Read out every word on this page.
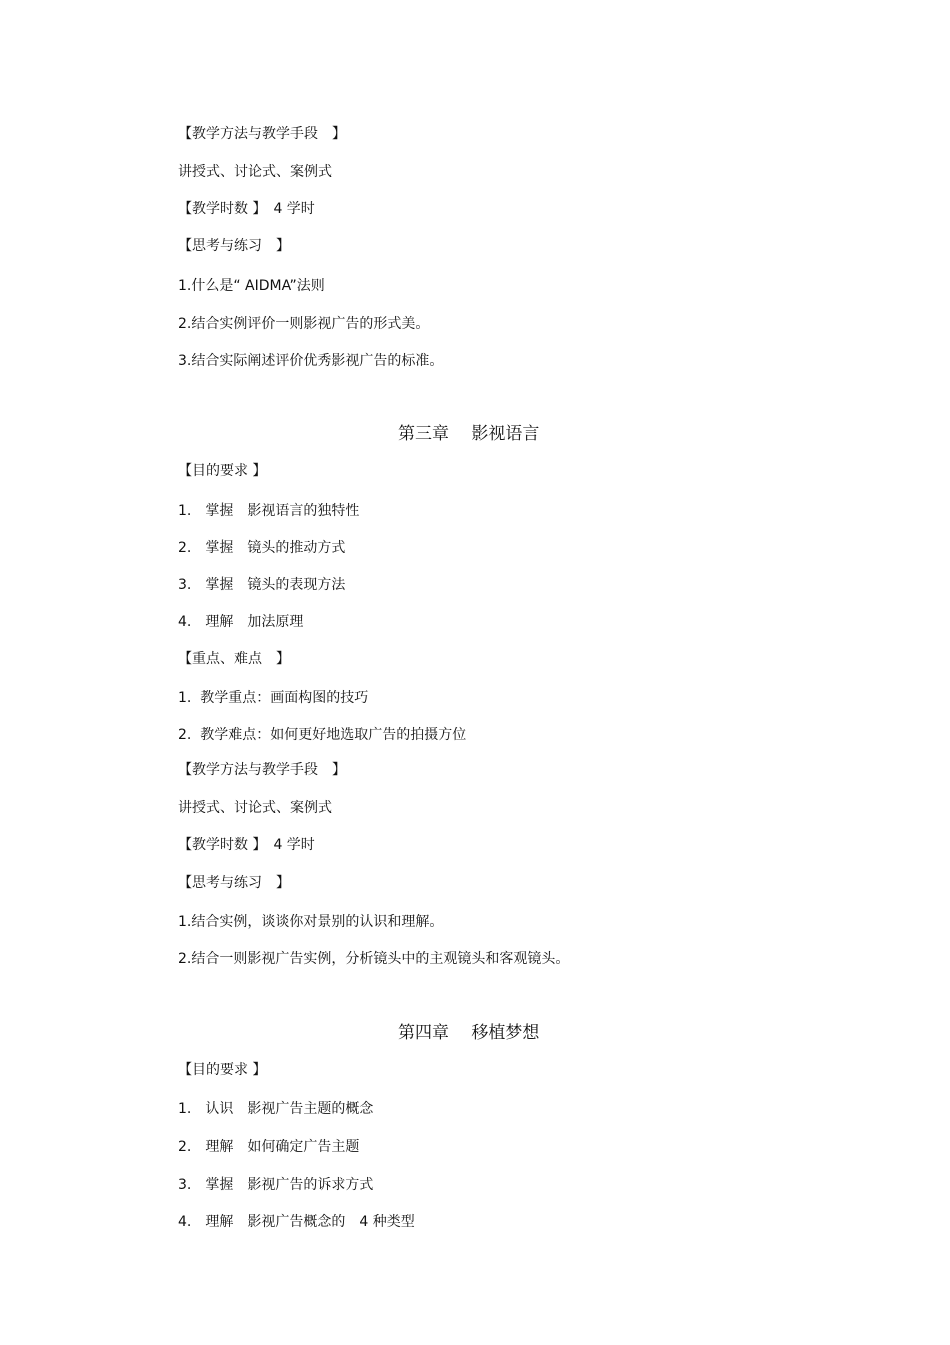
【教学方法与教学手段　】
讲授式、讨论式、案例式
【教学时数 】　4 学时
【思考与练习　】
1.什么是“ AIDMA”法则
2.结合实例评价一则影视广告的形式美。
3.结合实际阐述评价优秀影视广告的标准。
第三章　 影视语言
【目的要求 】
1.　掌握　影视语言的独特性
2.　掌握　镜头的推动方式
3.　掌握　镜头的表现方法
4.　理解　加法原理
【重点、难点　】
1.  教学重点：画面构图的技巧
2.  教学难点：如何更好地选取广告的拍摄方位
【教学方法与教学手段　】
讲授式、讨论式、案例式
【教学时数 】　4 学时
【思考与练习　】
1.结合实例，谈谈你对景别的认识和理解。
2.结合一则影视广告实例，分析镜头中的主观镜头和客观镜头。
第四章　 移植梦想
【目的要求 】
1.　认识　影视广告主题的概念
2.　理解　如何确定广告主题
3.　掌握　影视广告的诉求方式
4.　理解　影视广告概念的　4 种类型
